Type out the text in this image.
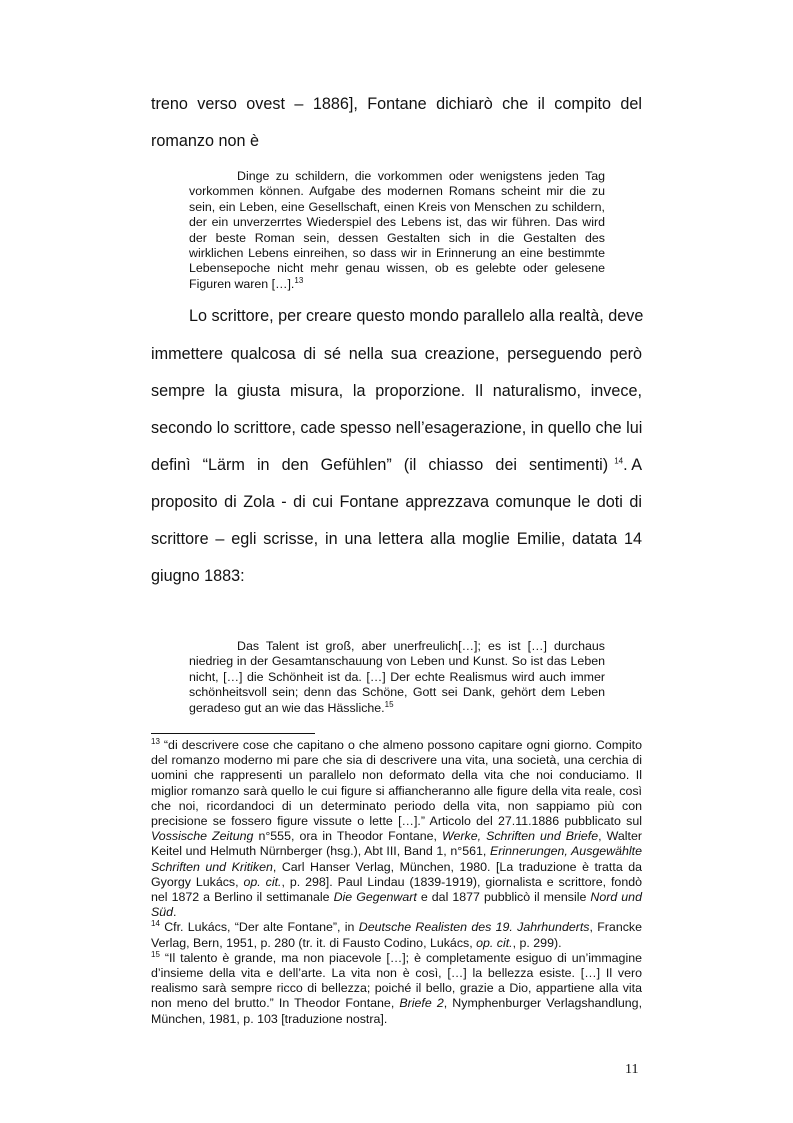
treno verso ovest – 1886], Fontane dichiarò che il compito del
romanzo non è
Dinge zu schildern, die vorkommen oder wenigstens jeden Tag vorkommen können. Aufgabe des modernen Romans scheint mir die zu sein, ein Leben, eine Gesellschaft, einen Kreis von Menschen zu schildern, der ein unverzerrtes Wiederspiel des Lebens ist, das wir führen. Das wird der beste Roman sein, dessen Gestalten sich in die Gestalten des wirklichen Lebens einreihen, so dass wir in Erinnerung an eine bestimmte Lebensepoche nicht mehr genau wissen, ob es gelebte oder gelesene Figuren waren […].$^{13}$
Lo scrittore, per creare questo mondo parallelo alla realtà, deve
immettere qualcosa di sé nella sua creazione, perseguendo però
sempre la giusta misura, la proporzione. Il naturalismo, invece,
secondo lo scrittore, cade spesso nell’esagerazione, in quello che lui
definì “Lärm in den Gefühlen” (il chiasso dei sentimenti) $^{14}$. A
proposito di Zola - di cui Fontane apprezzava comunque le doti di
scrittore – egli scrisse, in una lettera alla moglie Emilie, datata 14
giugno 1883:
Das Talent ist groß, aber unerfreulich[…]; es ist […] durchaus niedrieg in der Gesamtanschauung von Leben und Kunst. So ist das Leben nicht, […] die Schönheit ist da. […] Der echte Realismus wird auch immer schönheitsvoll sein; denn das Schöne, Gott sei Dank, gehört dem Leben geradeso gut an wie das Hässliche.$^{15}$

$^{13}$ “di descrivere cose che capitano o che almeno possono capitare ogni giorno. Compito del romanzo moderno mi pare che sia di descrivere una vita, una società, una cerchia di uomini che rappresenti un parallelo non deformato della vita che noi conduciamo. Il miglior romanzo sarà quello le cui figure si affiancheranno alle figure della vita reale, così che noi, ricordandoci di un determinato periodo della vita, non sappiamo più con precisione se fossero figure vissute o lette […].” Articolo del 27.11.1886 pubblicato sul Vossische Zeitung n°555, ora in Theodor Fontane, Werke, Schriften und Briefe, Walter Keitel und Helmuth Nürnberger (hsg.), Abt III, Band 1, n°561, Erinnerungen, Ausgewählte Schriften und Kritiken, Carl Hanser Verlag, München, 1980. [La traduzione è tratta da Gyorgy Lukács, op. cit., p. 298]. Paul Lindau (1839-1919), giornalista e scrittore, fondò nel 1872 a Berlino il settimanale Die Gegenwart e dal 1877 pubblicò il mensile Nord und Süd.

$^{14}$ Cfr. Lukács, “Der alte Fontane”, in Deutsche Realisten des 19. Jahrhunderts, Francke Verlag, Bern, 1951, p. 280 (tr. it. di Fausto Codino, Lukács, op. cit., p. 299).

$^{15}$ “Il talento è grande, ma non piacevole […]; è completamente esiguo di un’immagine d’insieme della vita e dell’arte. La vita non è così, […] la bellezza esiste. […] Il vero realismo sarà sempre ricco di bellezza; poiché il bello, grazie a Dio, appartiene alla vita non meno del brutto.” In Theodor Fontane, Briefe 2, Nymphenburger Verlagshandlung, München, 1981, p. 103 [traduzione nostra].

11
